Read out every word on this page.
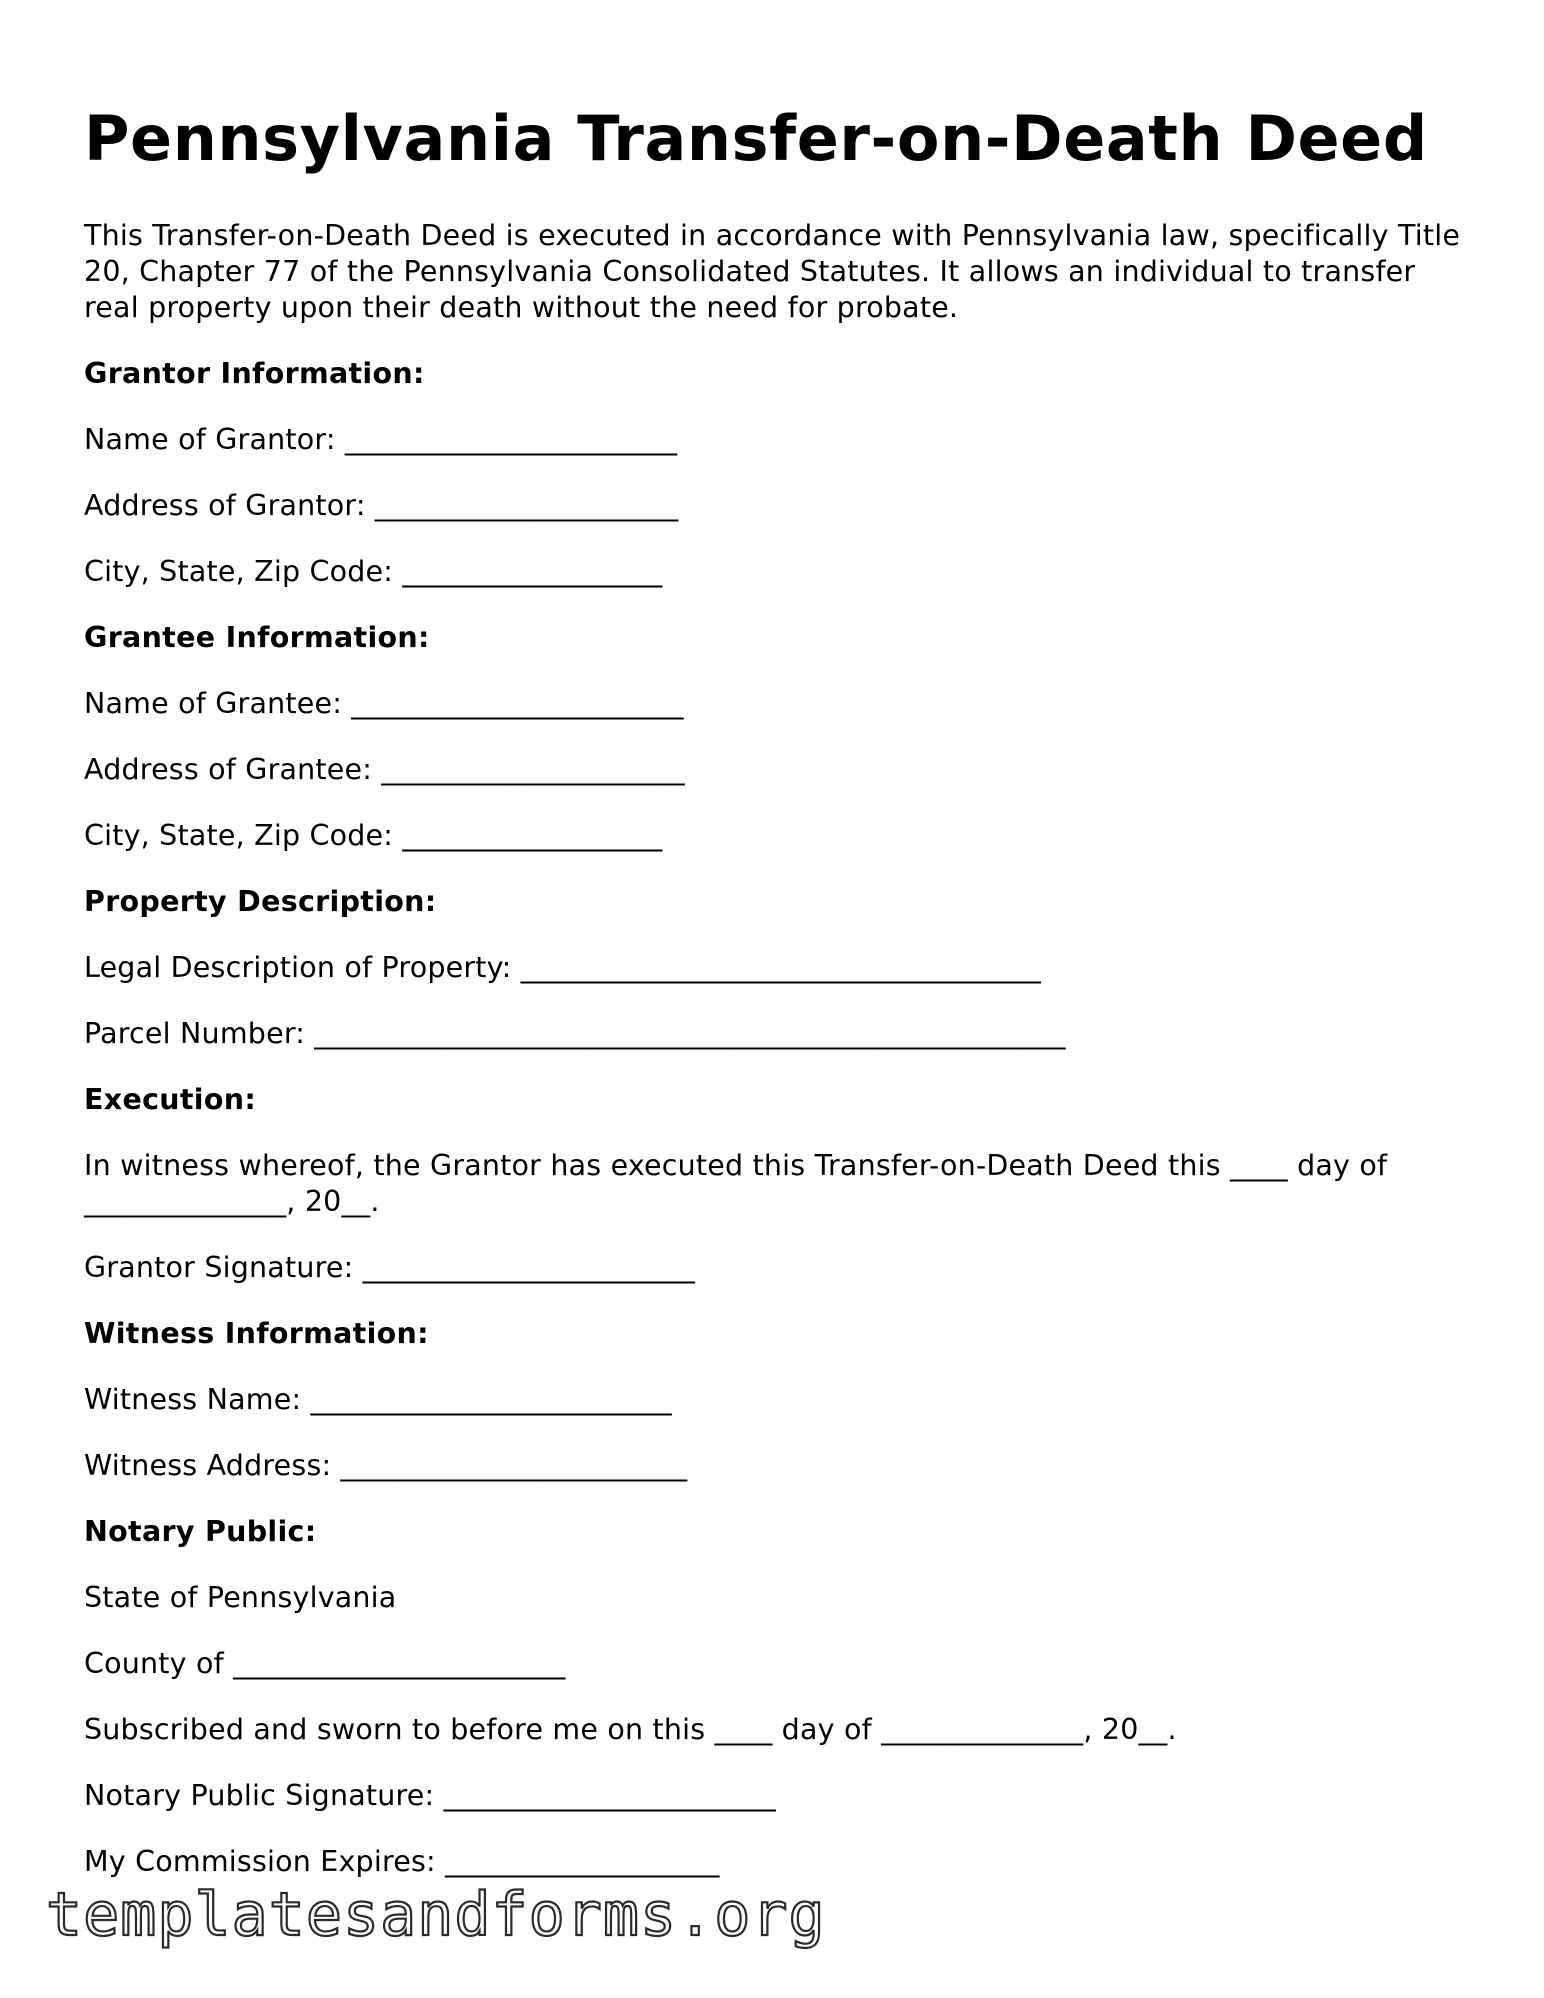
Pennsylvania Transfer-on-Death Deed

This Transfer-on-Death Deed is executed in accordance with Pennsylvania law, specifically Title 20, Chapter 77 of the Pennsylvania Consolidated Statutes. It allows an individual to transfer real property upon their death without the need for probate.

Grantor Information:
Name of Grantor: _______________________
Address of Grantor: _____________________
City, State, Zip Code: __________________
Grantee Information:
Name of Grantee: _______________________
Address of Grantee: _____________________
City, State, Zip Code: __________________
Property Description:
Legal Description of Property: ____________________________________
Parcel Number: ____________________________________________________
Execution:

In witness whereof, the Grantor has executed this Transfer-on-Death Deed this ____ day of ______________, 20__.

Grantor Signature: _______________________
Witness Information:
Witness Name: _________________________
Witness Address: ________________________
Notary Public:
State of Pennsylvania
County of _______________________
Subscribed and sworn to before me on this ____ day of ______________, 20__.
Notary Public Signature: _______________________
My Commission Expires: ___________________
templatesandforms.org
